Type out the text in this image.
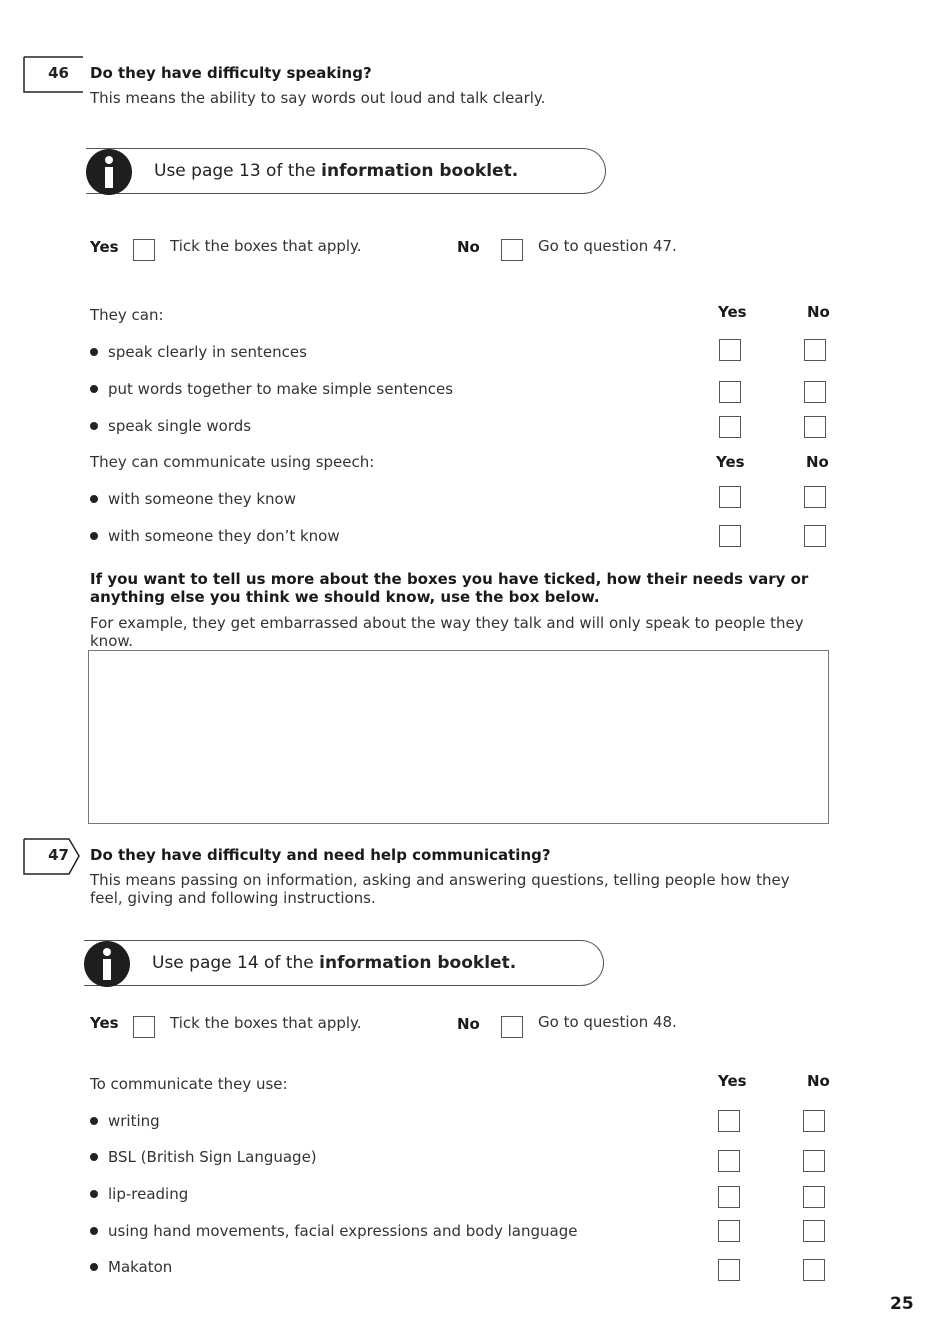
46 Do they have difficulty speaking?
This means the ability to say words out loud and talk clearly.
Use page 13 of the information booklet.
Yes	Tick the boxes that apply.	No	Go to question 47.
They can:	Yes	No
speak clearly in sentences
put words together to make simple sentences
speak single words
They can communicate using speech:	Yes	No
with someone they know
with someone they don’t know
If you want to tell us more about the boxes you have ticked, how their needs vary or anything else you think we should know, use the box below.
For example, they get embarrassed about the way they talk and will only speak to people they know.
47 Do they have difficulty and need help communicating?
This means passing on information, asking and answering questions, telling people how they feel, giving and following instructions.
Use page 14 of the information booklet.
Yes	Tick the boxes that apply.	No	Go to question 48.
To communicate they use:	Yes	No
writing
BSL (British Sign Language)
lip-reading
using hand movements, facial expressions and body language
Makaton
25
